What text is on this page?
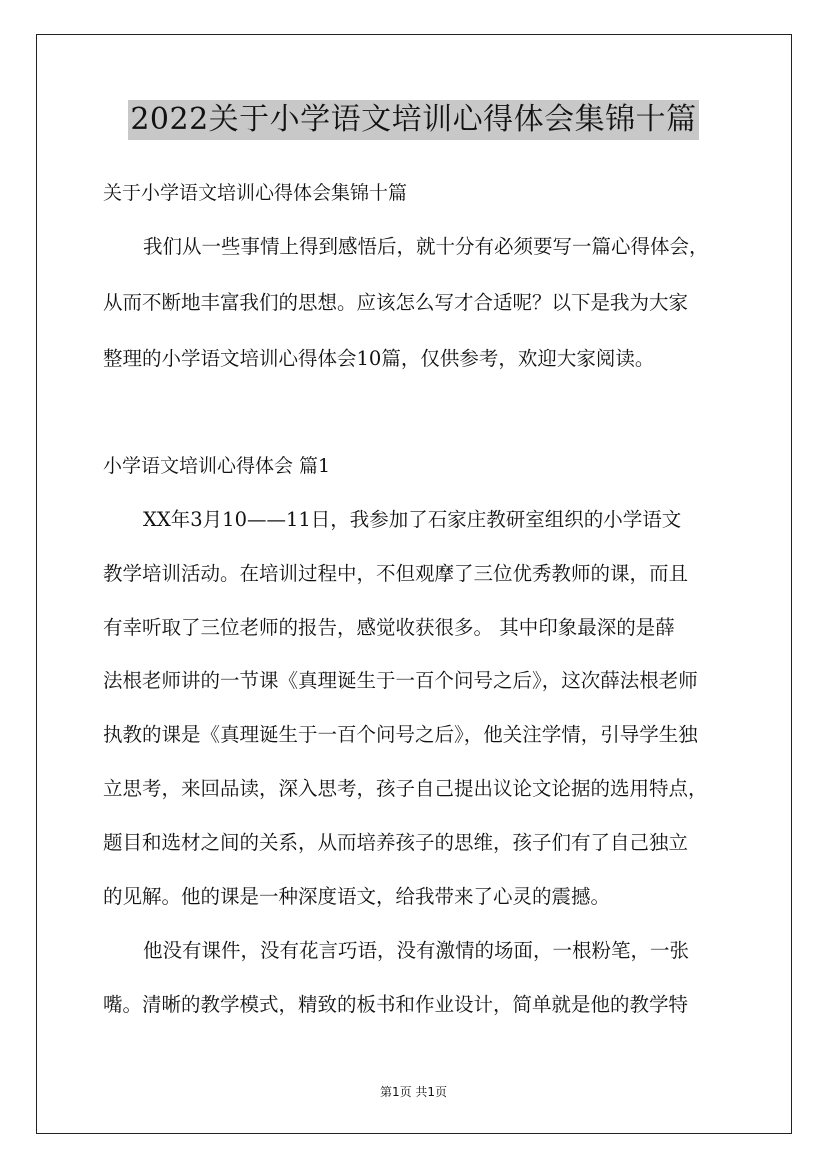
2022关于小学语文培训心得体会集锦十篇
关于小学语文培训心得体会集锦十篇
我们从一些事情上得到感悟后，就十分有必须要写一篇心得体会，
从而不断地丰富我们的思想。应该怎么写才合适呢？以下是我为大家
整理的小学语文培训心得体会10篇，仅供参考，欢迎大家阅读。
小学语文培训心得体会 篇1
XX年3月10——11日，我参加了石家庄教研室组织的小学语文
教学培训活动。在培训过程中，不但观摩了三位优秀教师的课，而且
有幸听取了三位老师的报告，感觉收获很多。 其中印象最深的是薛
法根老师讲的一节课《真理诞生于一百个问号之后》，这次薛法根老师
执教的课是《真理诞生于一百个问号之后》，他关注学情，引导学生独
立思考，来回品读，深入思考，孩子自己提出议论文论据的选用特点，
题目和选材之间的关系，从而培养孩子的思维，孩子们有了自己独立
的见解。他的课是一种深度语文，给我带来了心灵的震撼。
他没有课件，没有花言巧语，没有激情的场面，一根粉笔，一张
嘴。清晰的教学模式，精致的板书和作业设计，简单就是他的教学特
第1页 共1页
